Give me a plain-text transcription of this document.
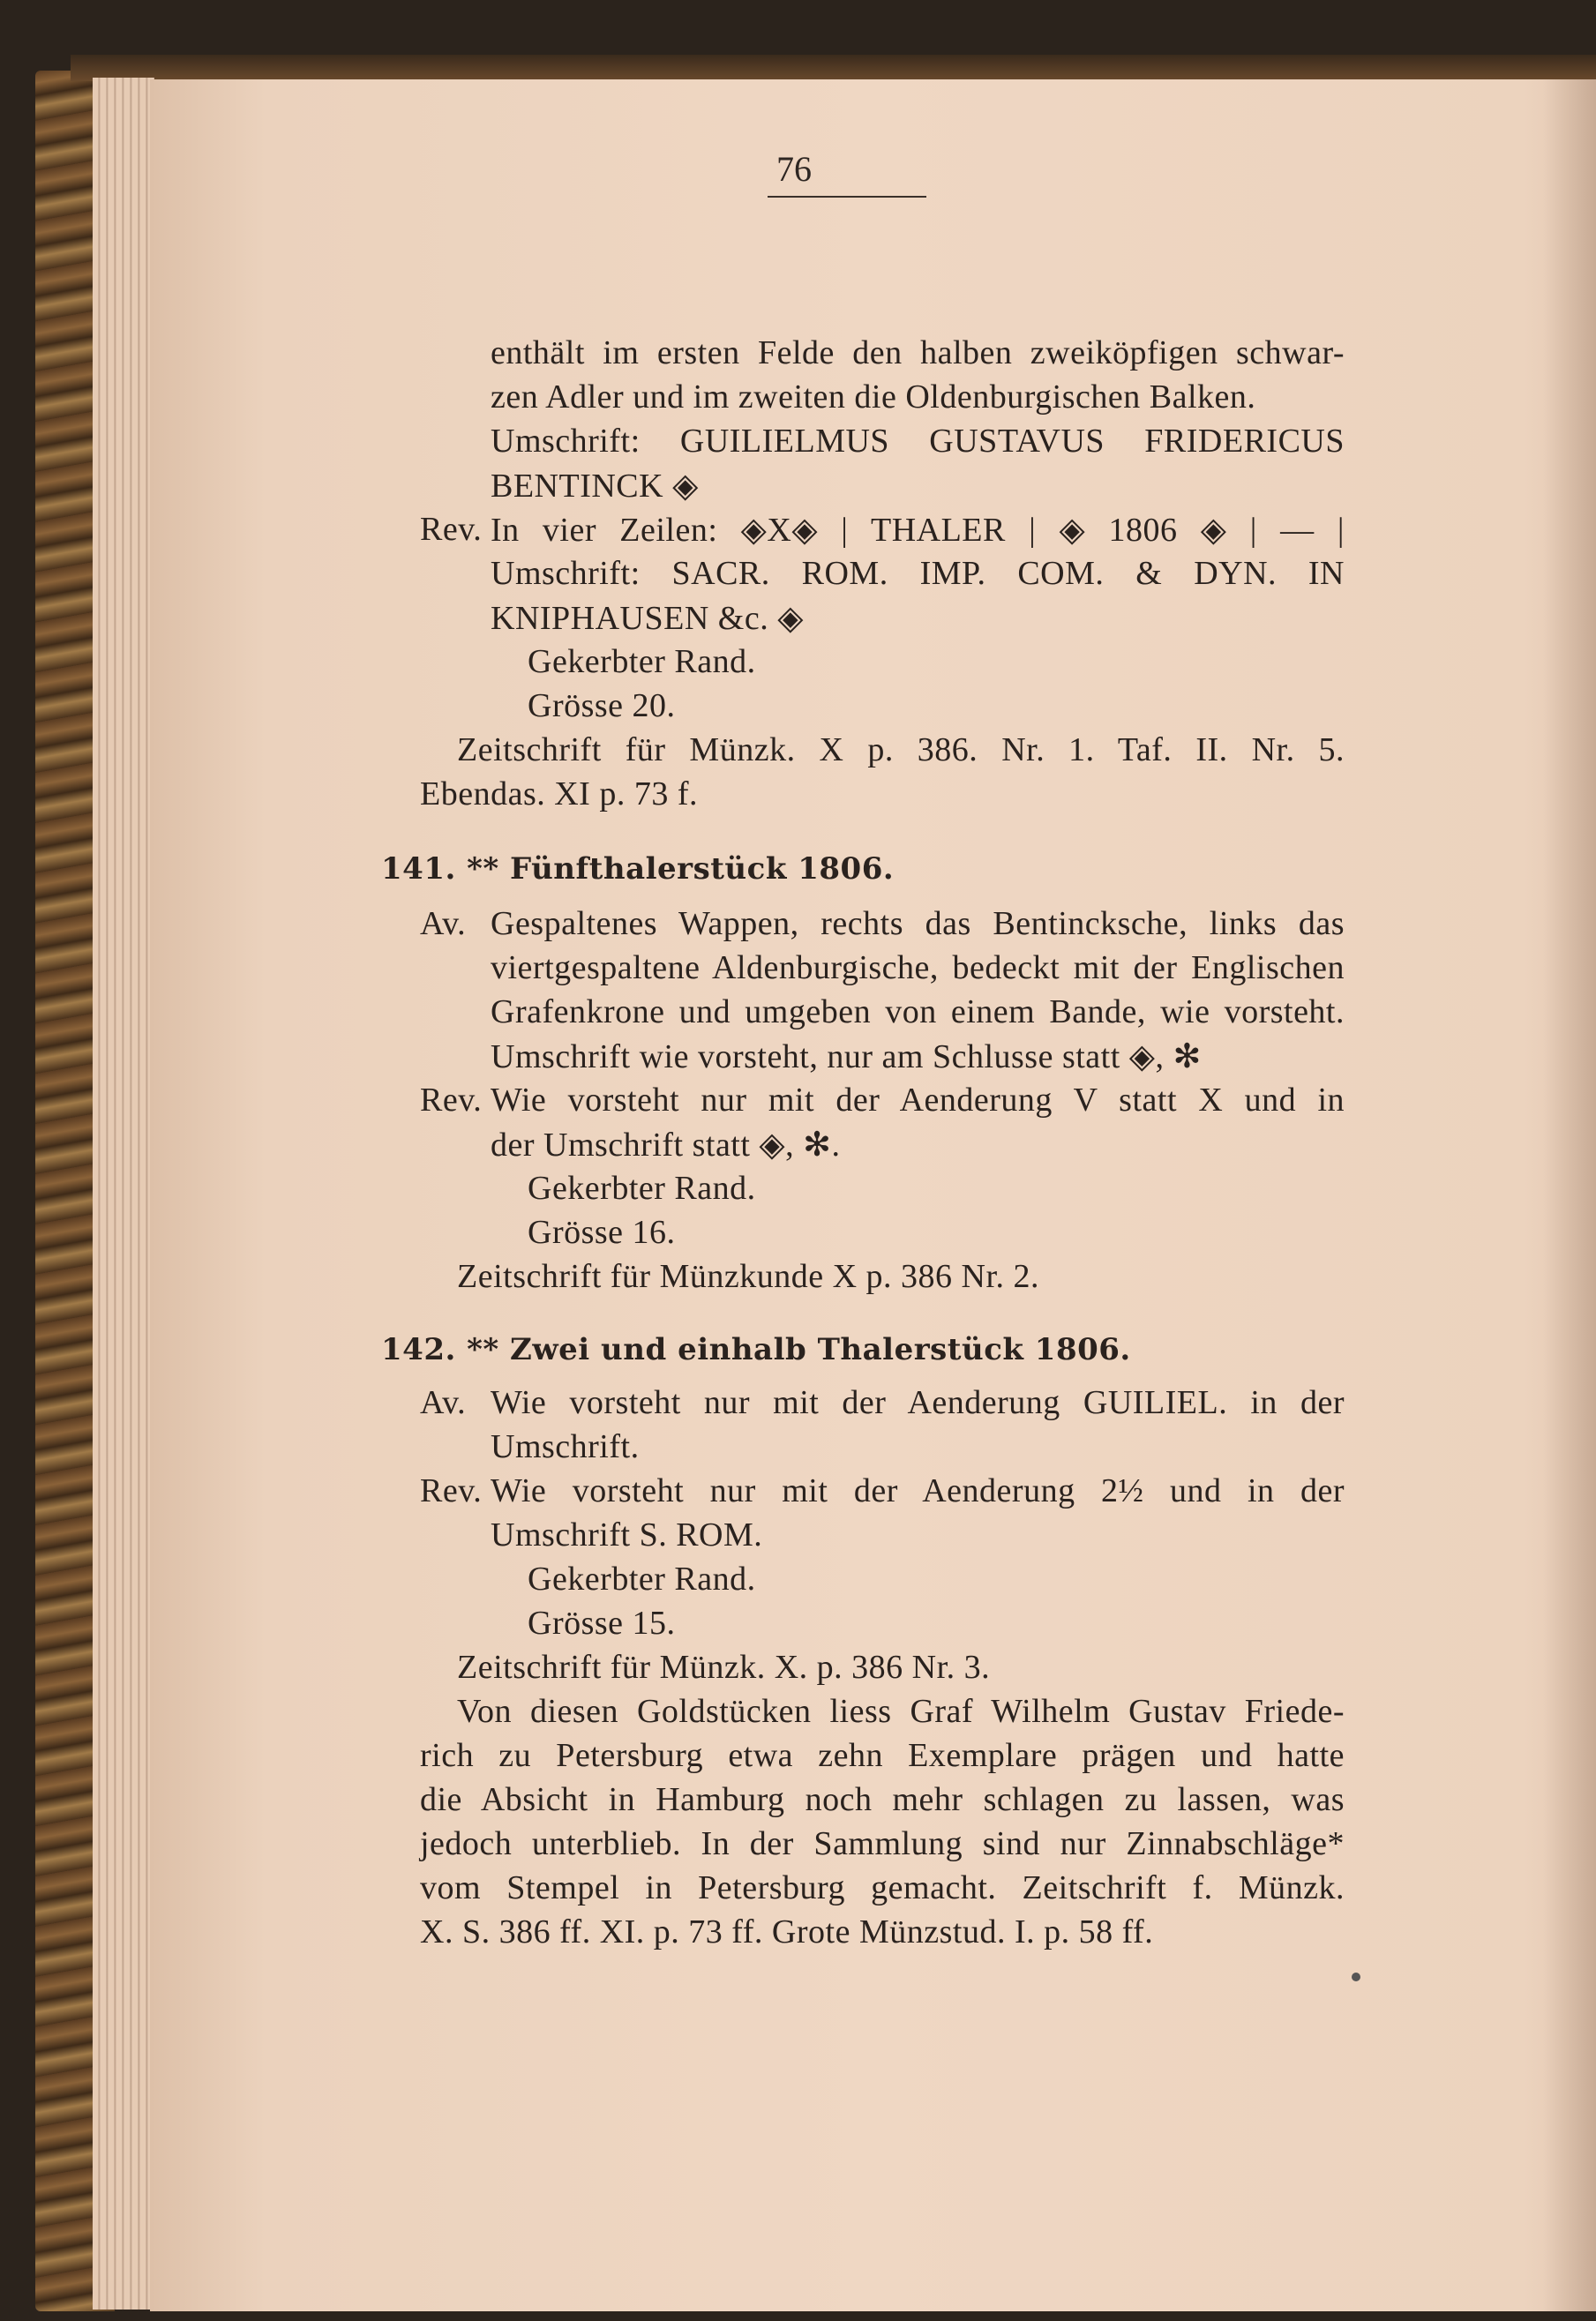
76
enthält im ersten Felde den halben zweiköpfigen schwar-
zen Adler und im zweiten die Oldenburgischen Balken.
Umschrift: GUILIELMUS GUSTAVUS FRIDERICUS
BENTINCK ◈
Rev. In vier Zeilen: ◈X◈ | THALER | ◈ 1806 ◈ | — |
Umschrift: SACR. ROM. IMP. COM. & DYN. IN
KNIPHAUSEN &c. ◈
Gekerbter Rand.
Grösse 20.
Zeitschrift für Münzk. X p. 386. Nr. 1. Taf. II. Nr. 5.
Ebendas. XI p. 73 f.
141. ** Fünfthalerstück 1806.
Av. Gespaltenes Wappen, rechts das Bentincksche, links das
viertgespaltene Aldenburgische, bedeckt mit der Englischen
Grafenkrone und umgeben von einem Bande, wie vorsteht.
Umschrift wie vorsteht, nur am Schlusse statt ◈, ✻
Rev. Wie vorsteht nur mit der Aenderung V statt X und in
der Umschrift statt ◈, ✻.
Gekerbter Rand.
Grösse 16.
Zeitschrift für Münzkunde X p. 386 Nr. 2.
142. ** Zwei und einhalb Thalerstück 1806.
Av. Wie vorsteht nur mit der Aenderung GUILIEL. in der
Umschrift.
Rev. Wie vorsteht nur mit der Aenderung 2½ und in der
Umschrift S. ROM.
Gekerbter Rand.
Grösse 15.
Zeitschrift für Münzk. X. p. 386 Nr. 3.
Von diesen Goldstücken liess Graf Wilhelm Gustav Friede-
rich zu Petersburg etwa zehn Exemplare prägen und hatte
die Absicht in Hamburg noch mehr schlagen zu lassen, was
jedoch unterblieb. In der Sammlung sind nur Zinnabschläge*
vom Stempel in Petersburg gemacht. Zeitschrift f. Münzk.
X. S. 386 ff. XI. p. 73 ff. Grote Münzstud. I. p. 58 ff.
